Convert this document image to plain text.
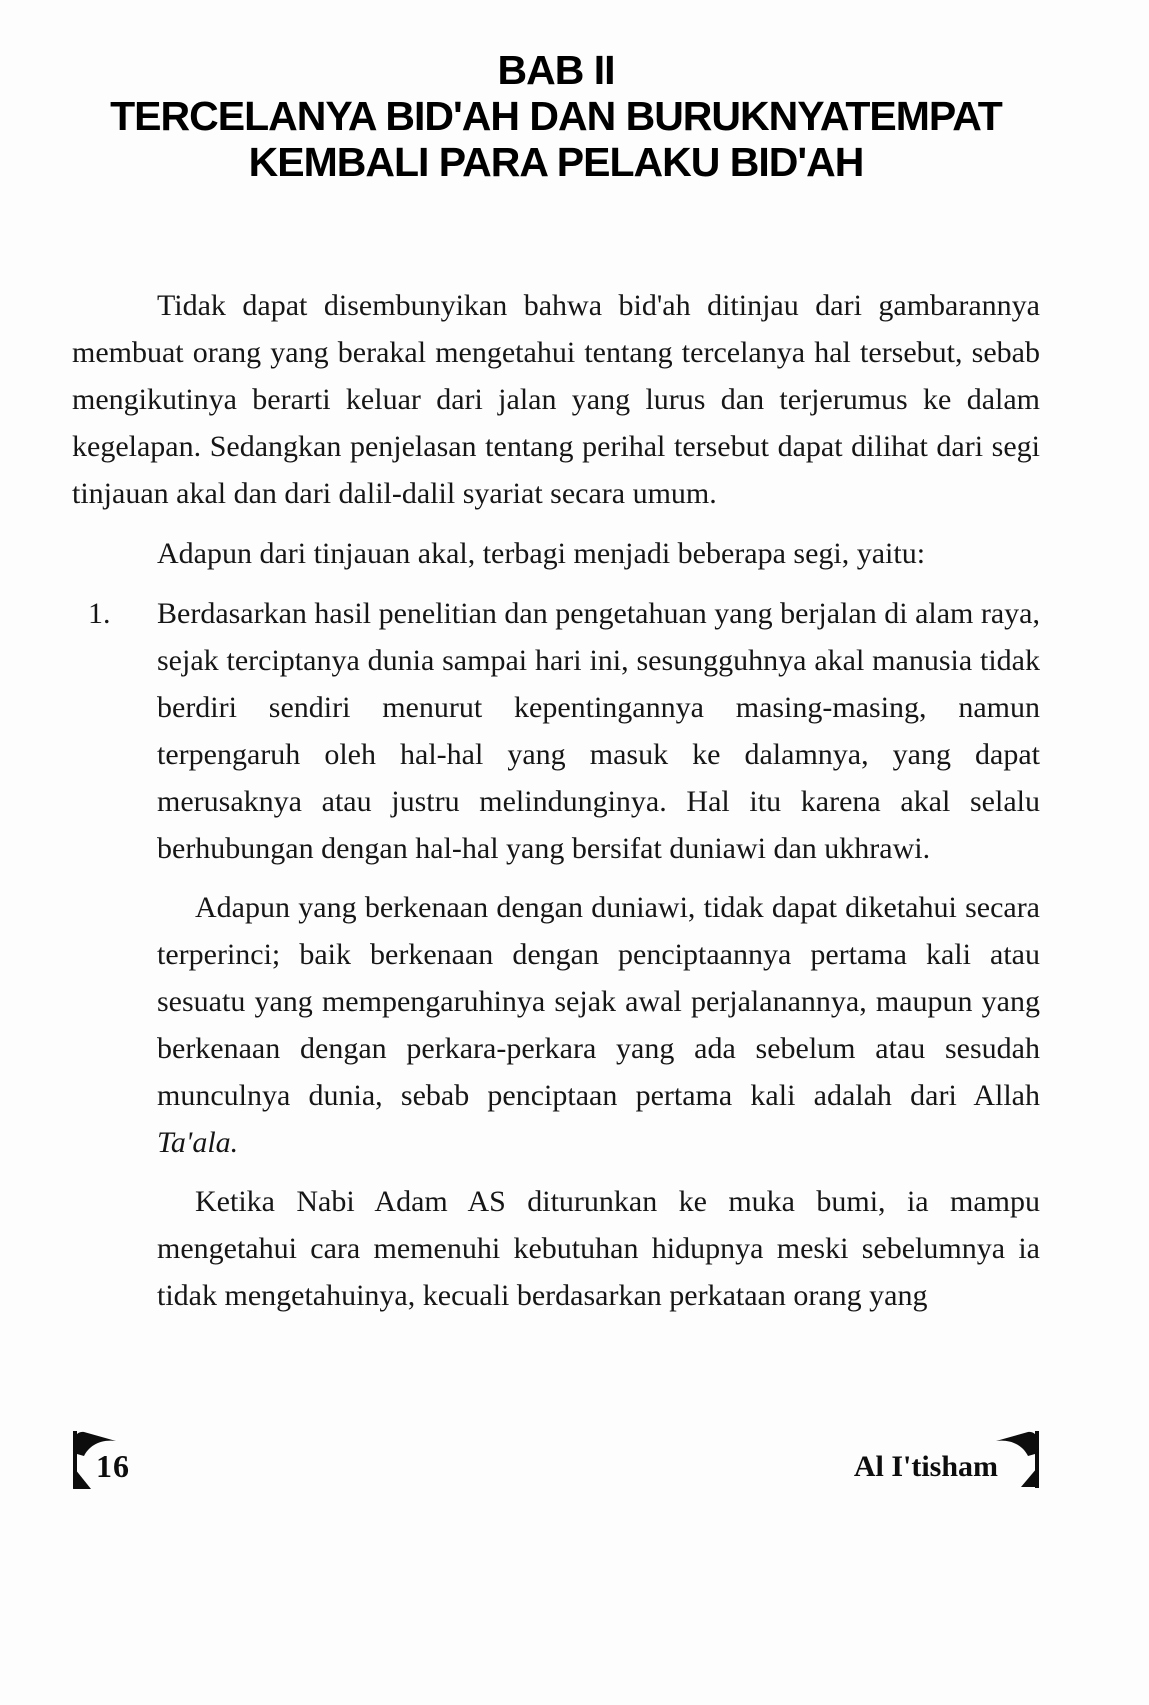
BAB II
TERCELANYA BID'AH DAN BURUKNYATEMPAT
KEMBALI PARA PELAKU BID'AH

Tidak dapat disembunyikan bahwa bid'ah ditinjau dari gambarannya membuat orang yang berakal mengetahui tentang tercelanya hal tersebut, sebab mengikutinya berarti keluar dari jalan yang lurus dan terjerumus ke dalam kegelapan. Sedangkan penjelasan tentang perihal tersebut dapat dilihat dari segi tinjauan akal dan dari dalil-dalil syariat secara umum.

Adapun dari tinjauan akal, terbagi menjadi beberapa segi, yaitu:

1. Berdasarkan hasil penelitian dan pengetahuan yang berjalan di alam raya, sejak terciptanya dunia sampai hari ini, sesungguhnya akal manusia tidak berdiri sendiri menurut kepentingannya masing-masing, namun terpengaruh oleh hal-hal yang masuk ke dalamnya, yang dapat merusaknya atau justru melindunginya. Hal itu karena akal selalu berhubungan dengan hal-hal yang bersifat duniawi dan ukhrawi.

Adapun yang berkenaan dengan duniawi, tidak dapat diketahui secara terperinci; baik berkenaan dengan penciptaannya pertama kali atau sesuatu yang mempengaruhinya sejak awal perjalanannya, maupun yang berkenaan dengan perkara-perkara yang ada sebelum atau sesudah munculnya dunia, sebab penciptaan pertama kali adalah dari Allah Ta'ala.

Ketika Nabi Adam AS diturunkan ke muka bumi, ia mampu mengetahui cara memenuhi kebutuhan hidupnya meski sebelumnya ia tidak mengetahuinya, kecuali berdasarkan perkataan orang yang

16	Al I'tisham
